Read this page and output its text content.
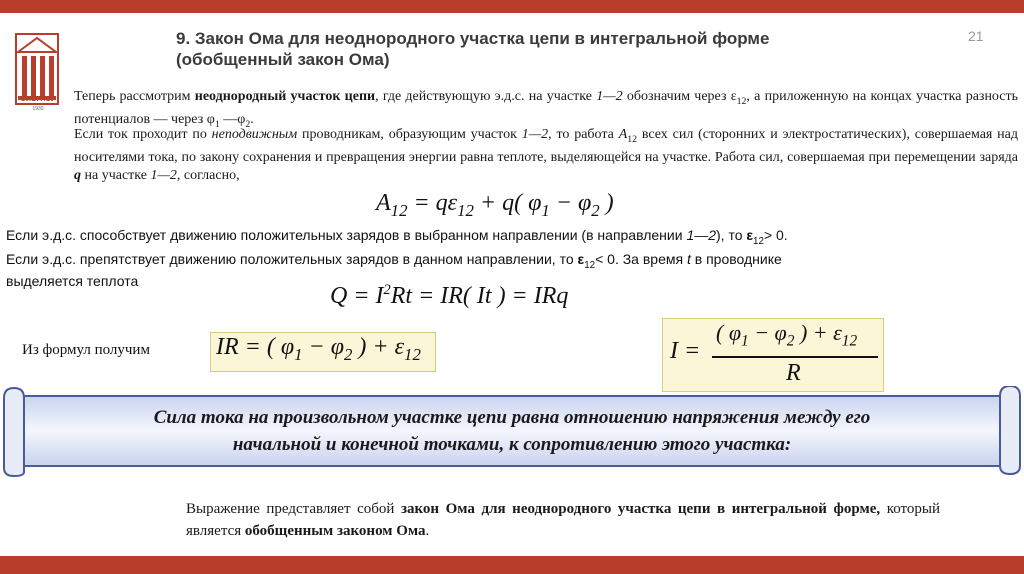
СИБГАСУ
1930
9. Закон Ома для неоднородного участка цепи в интегральной форме (обобщенный закон Ома)
21

Теперь рассмотрим неоднородный участок цепи, где действующую э.д.с. на участке 1—2 обозначим через $\varepsilon_{12}$, а приложенную на концах участка разность потенциалов — через $\varphi_1$ $—\varphi_2$.

Если ток проходит по неподвижным проводникам, образующим участок 1—2, то работа $А_{12}$ всех сил (сторонних и электростатических), совершаемая над носителями тока, по закону сохранения и превращения энергии равна теплоте, выделяющейся на участке. Работа сил, совершаемая при перемещении заряда q на участке 1—2, согласно,

$A_{12} = q\varepsilon_{12} + q$( $\varphi_1 - \varphi_2$ )
Если э.д.с. способствует движению положительных зарядов в выбранном направлении (в направлении 1—2), то $\varepsilon_{12}> 0$.
Если э.д.с. препятствует движению положительных зарядов в данном направлении, то $\varepsilon_{12}< 0$. За время t в проводнике
выделяется теплота
$Q = I^2Rt = IR$( It ) = IRq
Из формул получим	IR = ( $\varphi_1 - \varphi_2$ ) + $\varepsilon_{12}$	I =
( $\varphi_1 - \varphi_2$ ) + $\varepsilon_{12}$
R
Сила тока на произвольном участке цепи равна отношению напряжения между его
начальной и конечной точками, к сопротивлению этого участка:
Выражение представляет собой закон Ома для неоднородного участка цепи в интегральной форме, который является обобщенным законом Ома.
